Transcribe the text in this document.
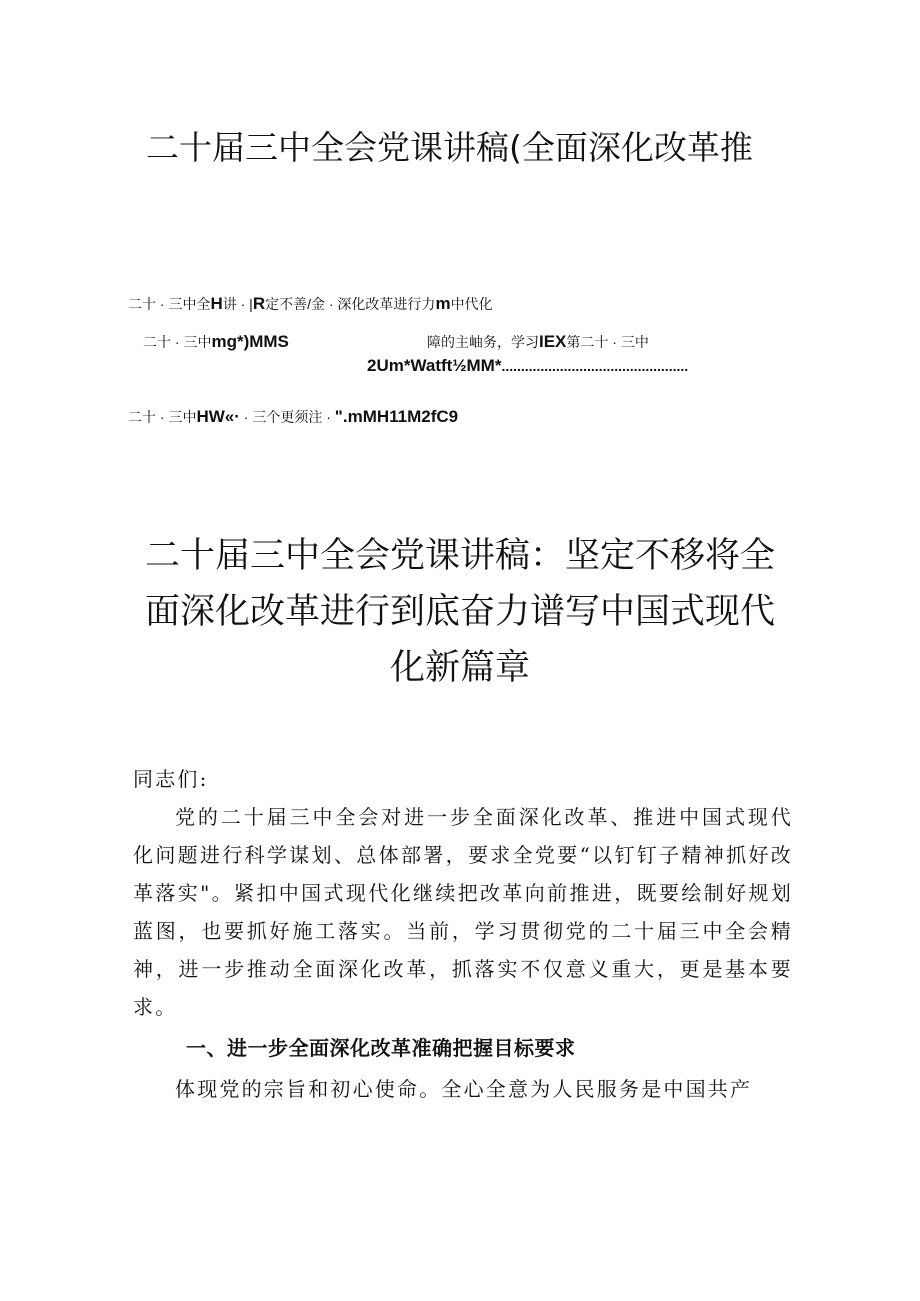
二十届三中全会党课讲稿(全面深化改革推
二十 · 三中全H讲 · |R定不善/金 · 深化改革进行力m中代化
二十 · 三中mg*)MMS	障的主岫务，学习IEX第二十 · 三中
2Um*Watft½MM*................................................
二十 · 三中HW«· · 三个更须注 · ".mMH11M2fC9
二十届三中全会党课讲稿：坚定不移将全
面深化改革进行到底奋力谱写中国式现代
化新篇章

同志们:

党的二十届三中全会对进一步全面深化改革、推进中国式现代化问题进行科学谋划、总体部署，要求全党要“以钉钉子精神抓好改革落实"。紧扣中国式现代化继续把改革向前推进，既要绘制好规划蓝图，也要抓好施工落实。当前，学习贯彻党的二十届三中全会精神，进一步推动全面深化改革，抓落实不仅意义重大，更是基本要求。

一、进一步全面深化改革准确把握目标要求

体现党的宗旨和初心使命。全心全意为人民服务是中国共产
